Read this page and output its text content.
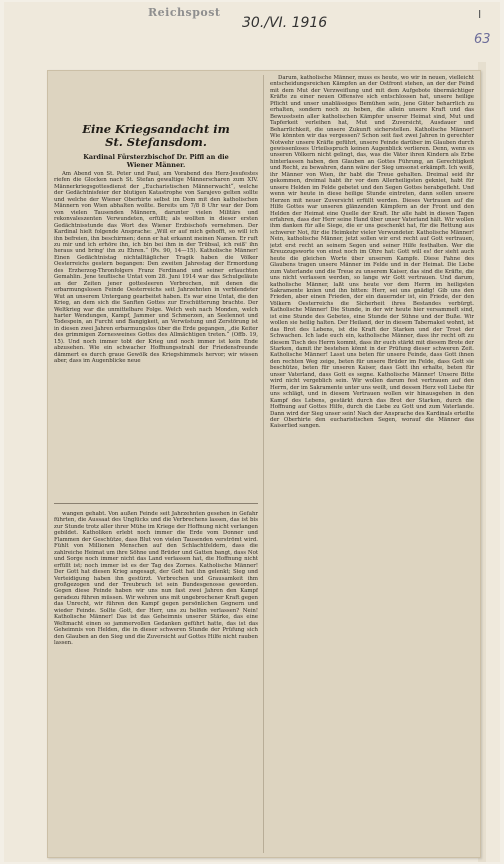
Reichspost
30./VI. 1916
I
63
Eine Kriegsandacht im
St. Stefansdom.
Kardinal Fürsterzbischof Dr. Piffl an die
Wiener Männer.

Am Abend von St. Peter und Paul, am Vorabend des Herz-Jesufestes riefen die Glocken nach St. Stefan gewaltige Männerscharen zum XIV. Männerkriegsgottesdienst der „Eucharistischen Männerwacht“, welche der Gedächtnisfeier der blutigen Katastrophe von Sarajevo gelten sollte und welche der Wiener Oberhirte selbst im Dom mit den katholischen Männern von Wien abhalten wollte. Bereits um 7/8 8 Uhr war der Dom von vielen Tausenden Männern, darunter vielen Militärs und rekonvaleszenten Verwundeten, erfüllt; als wollten in dieser ersten Gedächtnisstunde das Wort des Wiener Erzbischofs vernehmen. Der Kardinal hielt folgende Ansprache: „Will er auf mich gehofft, so will ich ihn befreien, ihn beschirmen; denn er hat erkannt meinen Namen. Er ruft zu mir und ich erhöre ihn, ich bin bei ihm in der Trübsal, ich reiß' ihn heraus und bring' ihn zu Ehren.“ (Ps. 90, 14—15). Katholische Männer! Einen Gedächtnistag nichtalltäglicher Tragik haben die Völker Oesterreichs gestern begangen: Den zweiten Jahrestag der Ermordung des Erzherzog-Thronfolgers Franz Ferdinand und seiner erlauchten Gemahlin. Jene teuflische Untat vom 28. Juni 1914 war das Schulgeläute an der Zeiten jener gottesleeren Verbrechen, mit denen die erbarmungslosen Feinde Oesterreichs seit Jahrzehnten in verblendeter Wut an unserem Untergang gearbeitet haben. Es war eine Untat, die den Krieg, an dem sich die Sanften Gottes zur Erschütterung brachte. Der Weltkrieg war die unmittelbare Folge. Welch weh nach Monden, welch harter Wendungen, Kampf, Jammer und Schmerzen, an Seelennot und Todespein, an Furcht und Bangigkeit, an Verwüstung und Zerstörung ist in diesen zwei Jahren erbarmungslos über die Erde gegangen, „die Keiter des grimmigen Zornesweines Gottes des Allmächtigen treten.“ (Offb. 19, 15). Und noch immer tobt der Krieg und noch immer ist kein Ende abzusehen. Wie ein schwacher Hoffnungsstrahl der Friedensfreunde dämmert es durch graue Gewölk des Kriegshimmels hervor; wir wissen aber, dass im Augenblicke neue

wangen gehabt. Von außen Feinde seit Jahrzehnten gesehen in Gefahr führten, die Aussaat des Unglücks und die Verbrechens lassen, das ist bis zur Stunde trotz aller ihrer Mühe im Kriege der Hoffnung nicht verlangen gebildet. Katholiken erlebt noch immer die Erde vom Donner und Flammen der Geschütze, dass Blut von vielen Tausenden verströmt wird. Fühlt von Millionen Menschen auf den Schlachtfeldern, dass die zahlreiche Heimat um ihre Söhne und Brüder und Gatten bangt, dass Not und Sorge noch immer nicht das Land verlassen hat, die Hoffnung nicht erfüllt ist; noch immer ist es der Tag des Zornes. Katholische Männer! Der Gott hat diesen Krieg angesagt, der Gott hat ihn gelenkt; Sieg und Verteidigung haben ihn gestürzt. Verbrechen und Grausamkeit ihm großgezogen und der Treubruch ist sein Bundesgenosse geworden. Gegen diese Feinde haben wir uns nun fast zwei Jahren den Kampf geradezu führen müssen. Wir wehren uns mit ungebrochener Kraft gegen das Unrecht, wir führen den Kampf gegen persönlichen Gegnern und wieder Feinde. Sollte Gott, der Herr, uns zu helfen verlassen? Nein! Katholische Männer! Das ist das Geheimnis unserer Stärke, das eine Weltmacht einen so jammervollen Gedanken geführt hatte, das ist das Geheimnis von Helden, die in dieser schweren Stunde der Prüfung sich den Glauben an den Sieg und die Zuversicht auf Gottes Hilfe nicht rauben lassen.

Darum, katholische Männer, muss es heute, wo wir in neuen, vielleicht entscheidungsreichen Kämpfen an der Ostfront stehen, an der der Feind mit dem Mut der Verzweiflung und mit dem Aufgebote übermächtiger Kräfte zu einer neuen Offensive sich entschlossen hat, unsere heilige Pflicht und unser unablässiges Bemühen sein, jene Güter beharrlich zu erhalten, sondern noch zu heben, die allein unsere Kraft und das Bewusstsein aller katholischen Kämpfer unserer Heimat sind, Mut und Tapferkeit verleihen hat, Mut und Zuversicht, Ausdauer und Beharrlichkeit, die unsere Zukunft sicherstellen. Katholische Männer! Wie könnten wir das vergessen? Schon seit fast zwei Jahren in gerechter Notwehr unsere Kräfte geführt, unsere Feinde darüber im Glauben durch gewissenloses Urteilsspruch keinen Augenblick verlieren. Denn, wenn es unseren Völkern nicht gelingt, das, was die Väter ihren Kindern als Erbe hinterlassen haben, den Glauben an Gottes Führung, an Gerechtigkeit und Recht, zu bewahren, dann wäre der Sieg umsonst erkämpft. Ich weiß, ihr Männer von Wien, ihr habt die Treue gehalten. Dreimal seid ihr gekommen, dreimal habt ihr vor dem Allerheiligsten gekniet, habt für unsere Helden im Felde gebetet und den Segen Gottes herabgefleht. Und wenn wir heute in diese heilige Stunde eintreten, dann sollen unsere Herzen mit neuer Zuversicht erfüllt werden. Dieses Vertrauen auf die Hilfe Gottes war unseren glänzenden Kämpfern an der Front und den Helden der Heimat eine Quelle der Kraft. Ihr alle habt in diesen Tagen erfahren, dass der Herr seine Hand über unser Vaterland hält. Wir wollen ihm danken für alle Siege, die er uns geschenkt hat, für die Rettung aus schwerer Not, für die Heimkehr vieler Verwundeter. Katholische Männer! Nein, katholische Männer, jetzt sollen wir erst recht auf Gott vertrauen, jetzt erst recht an seinem Segen und seiner Hilfe festhalten. Wer die Kreuzzugsworte von einst noch im Ohre hat: Gott will es! der sieht auch heute die gleichen Worte über unserem Kampfe. Diese Fahne des Glaubens tragen unsere Männer im Felde und in der Heimat. Die Liebe zum Vaterlande und die Treue zu unserem Kaiser, das sind die Kräfte, die uns nicht verlassen werden, so lange wir Gott vertrauen. Und darum, katholische Männer, laßt uns heute vor dem Herrn im heiligsten Sakramente knien und ihn bitten: Herr, sei uns gnädig! Gib uns den Frieden, aber einen Frieden, der ein dauernder ist, ein Friede, der den Völkern Oesterreichs die Sicherheit ihres Bestandes verbürgt. Katholische Männer! Die Stunde, in der wir heute hier versammelt sind, ist eine Stunde des Gebetes, eine Stunde der Sühne und der Buße. Wir wollen sie heilig halten. Der Heiland, der in diesem Tabernakel wohnt, ist das Brot des Lebens, ist die Kraft der Starken und der Trost der Schwachen. Ich lade euch ein, katholische Männer, dass ihr recht oft zu diesem Tisch des Herrn kommt, dass ihr euch stärkt mit diesem Brote der Starken, damit ihr bestehen könnt in der Prüfung dieser schweren Zeit. Katholische Männer! Lasst uns beten für unsere Feinde, dass Gott ihnen den rechten Weg zeige, beten für unsere Brüder im Felde, dass Gott sie beschütze, beten für unseren Kaiser, dass Gott ihn erhalte, beten für unser Vaterland, dass Gott es segne. Katholische Männer! Unsere Bitte wird nicht vergeblich sein. Wir wollen darum fest vertrauen auf den Herrn, der im Sakramente unter uns weilt, und dessen Herz voll Liebe für uns schlägt, und in diesem Vertrauen wollen wir hinausgehen in den Kampf des Lebens, gestärkt durch das Brot der Starken, durch die Hoffnung auf Gottes Hilfe, durch die Liebe zu Gott und zum Vaterlande. Dann wird der Sieg unser sein! Nach der Ansprache des Kardinals erteilte der Oberhirte den eucharistischen Segen, worauf die Männer das Kaiserlied sangen.
